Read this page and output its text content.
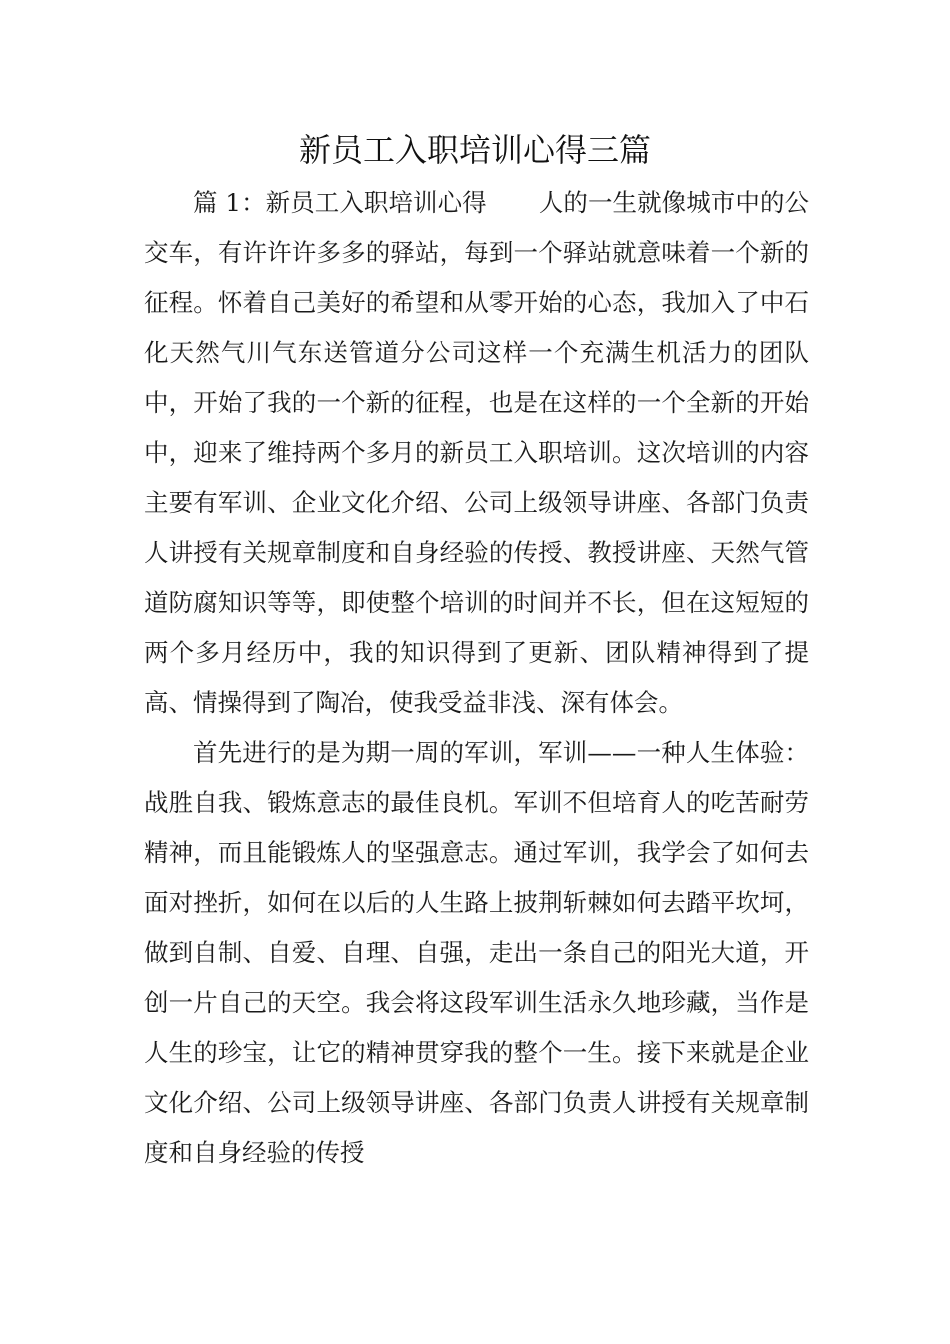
新员工入职培训心得三篇

篇 1：新员工入职培训心得 人的一生就像城市中的公交车，有许许许多多的驿站，每到一个驿站就意味着一个新的征程。怀着自己美好的希望和从零开始的心态，我加入了中石化天然气川气东送管道分公司这样一个充满生机活力的团队中，开始了我的一个新的征程，也是在这样的一个全新的开始中，迎来了维持两个多月的新员工入职培训。这次培训的内容主要有军训、企业文化介绍、公司上级领导讲座、各部门负责人讲授有关规章制度和自身经验的传授、教授讲座、天然气管道防腐知识等等，即使整个培训的时间并不长，但在这短短的两个多月经历中，我的知识得到了更新、团队精神得到了提高、情操得到了陶冶，使我受益非浅、深有体会。

首先进行的是为期一周的军训，军训——一种人生体验：战胜自我、锻炼意志的最佳良机。军训不但培育人的吃苦耐劳精神，而且能锻炼人的坚强意志。通过军训，我学会了如何去面对挫折，如何在以后的人生路上披荆斩棘如何去踏平坎坷，做到自制、自爱、自理、自强，走出一条自己的阳光大道，开创一片自己的天空。我会将这段军训生活永久地珍藏，当作是人生的珍宝，让它的精神贯穿我的整个一生。接下来就是企业文化介绍、公司上级领导讲座、各部门负责人讲授有关规章制度和自身经验的传授
